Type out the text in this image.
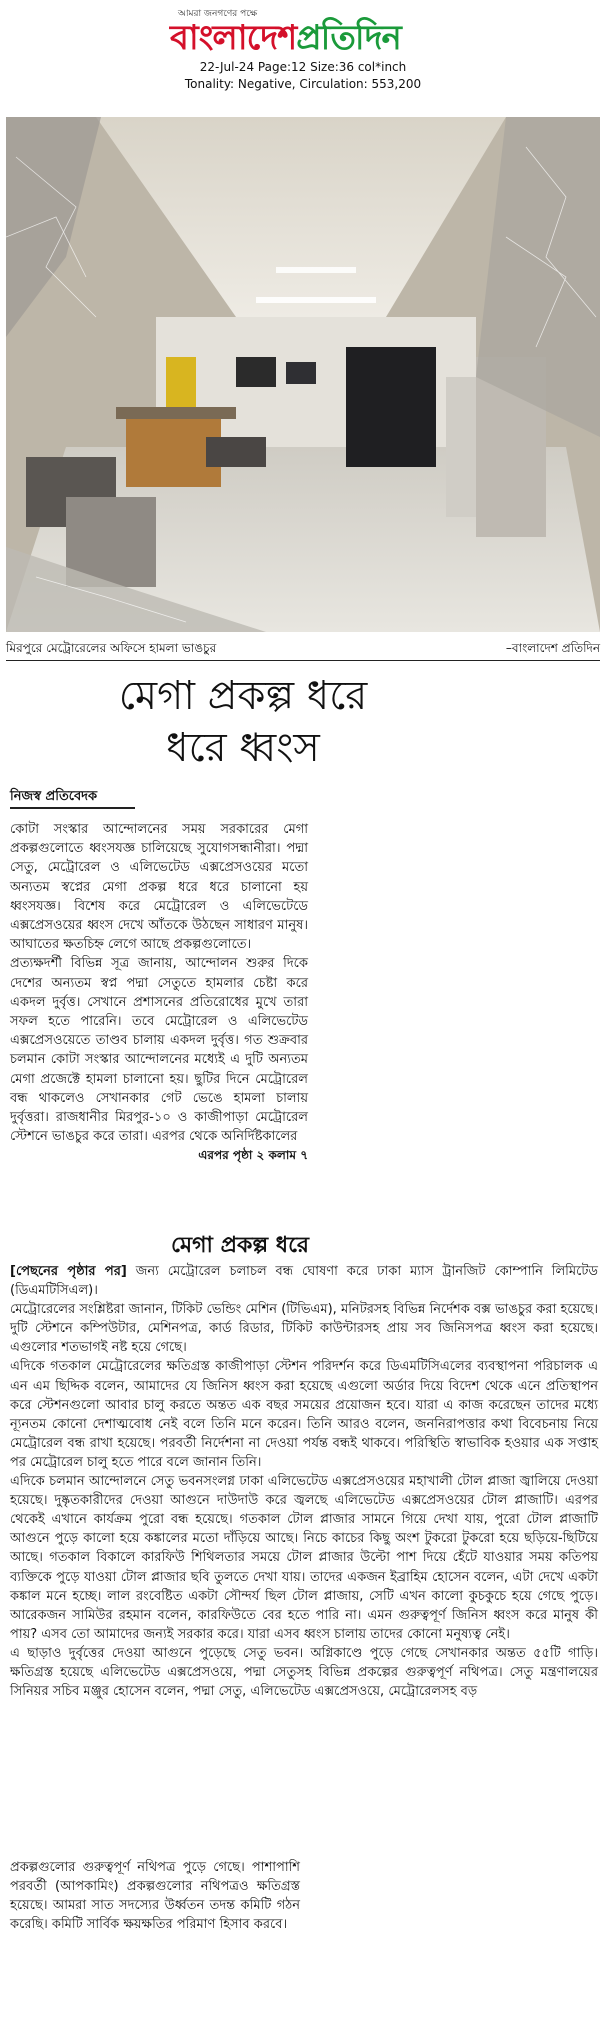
আমরা জনগণের পক্ষে
বাংলাদেশপ্রতিদিন
22-Jul-24 Page:12 Size:36 col*inch
Tonality: Negative, Circulation: 553,200
মিরপুরে মেট্রোরেলের অফিসে হামলা ভাঙচুর	–বাংলাদেশ প্রতিদিন
মেগা প্রকল্প ধরে
ধরে ধ্বংস
নিজস্ব প্রতিবেদক

কোটা সংস্কার আন্দোলনের সময় সরকারের মেগা প্রকল্পগুলোতে ধ্বংসযজ্ঞ চালিয়েছে সুযোগসন্ধানীরা। পদ্মা সেতু, মেট্রোরেল ও এলিভেটেড এক্সপ্রেসওয়ের মতো অন্যতম স্বপ্নের মেগা প্রকল্প ধরে ধরে চালানো হয় ধ্বংসযজ্ঞ। বিশেষ করে মেট্রোরেল ও এলিভেটেডে এক্সপ্রেসওয়ের ধ্বংস দেখে আঁতকে উঠছেন সাধারণ মানুষ। আঘাতের ক্ষতচিহ্ন লেগে আছে প্রকল্পগুলোতে।

প্রত্যক্ষদর্শী বিভিন্ন সূত্র জানায়, আন্দোলন শুরুর দিকে দেশের অন্যতম স্বপ্ন পদ্মা সেতুতে হামলার চেষ্টা করে একদল দুর্বৃত্ত। সেখানে প্রশাসনের প্রতিরোধের মুখে তারা সফল হতে পারেনি। তবে মেট্রোরেল ও এলিভেটেড এক্সপ্রেসওয়েতে তাণ্ডব চালায় একদল দুর্বৃত্ত। গত শুক্রবার চলমান কোটা সংস্কার আন্দোলনের মধ্যেই এ দুটি অন্যতম মেগা প্রজেক্টে হামলা চালানো হয়। ছুটির দিনে মেট্রোরেল বন্ধ থাকলেও সেখানকার গেট ভেঙে হামলা চালায় দুর্বৃত্তরা। রাজধানীর মিরপুর-১০ ও কাজীপাড়া মেট্রোরেল স্টেশনে ভাঙচুর করে তারা। এরপর থেকে অনির্দিষ্টকালের

এরপর পৃষ্ঠা ২ কলাম ৭

মেগা প্রকল্প ধরে

[পেছনের পৃষ্ঠার পর] জন্য মেট্রোরেল চলাচল বন্ধ ঘোষণা করে ঢাকা ম্যাস ট্রানজিট কোম্পানি লিমিটেড (ডিএমটিসিএল)।

মেট্রোরেলের সংশ্লিষ্টরা জানান, টিকিট ভেন্ডিং মেশিন (টিভিএম), মনিটরসহ বিভিন্ন নির্দেশক বক্স ভাঙচুর করা হয়েছে। দুটি স্টেশনে কম্পিউটার, মেশিনপত্র, কার্ড রিডার, টিকিট কাউন্টারসহ প্রায় সব জিনিসপত্র ধ্বংস করা হয়েছে। এগুলোর শতভাগই নষ্ট হয়ে গেছে।

এদিকে গতকাল মেট্রোরেলের ক্ষতিগ্রস্ত কাজীপাড়া স্টেশন পরিদর্শন করে ডিএমটিসিএলের ব্যবস্থাপনা পরিচালক এ এন এম ছিদ্দিক বলেন, আমাদের যে জিনিস ধ্বংস করা হয়েছে এগুলো অর্ডার দিয়ে বিদেশ থেকে এনে প্রতিস্থাপন করে স্টেশনগুলো আবার চালু করতে অন্তত এক বছর সময়ের প্রয়োজন হবে। যারা এ কাজ করেছেন তাদের মধ্যে ন্যূনতম কোনো দেশাত্মবোধ নেই বলে তিনি মনে করেন। তিনি আরও বলেন, জননিরাপত্তার কথা বিবেচনায় নিয়ে মেট্রোরেল বন্ধ রাখা হয়েছে। পরবর্তী নির্দেশনা না দেওয়া পর্যন্ত বন্ধই থাকবে। পরিস্থিতি স্বাভাবিক হওয়ার এক সপ্তাহ পর মেট্রোরেল চালু হতে পারে বলে জানান তিনি।

এদিকে চলমান আন্দোলনে সেতু ভবনসংলগ্ন ঢাকা এলিভেটেড এক্সপ্রেসওয়ের মহাখালী টোল প্লাজা জ্বালিয়ে দেওয়া হয়েছে। দুষ্কৃতকারীদের দেওয়া আগুনে দাউদাউ করে জ্বলছে এলিভেটেড এক্সপ্রেসওয়ের টোল প্লাজাটি। এরপর থেকেই এখানে কার্যক্রম পুরো বন্ধ হয়েছে। গতকাল টোল প্লাজার সামনে গিয়ে দেখা যায়, পুরো টোল প্লাজাটি আগুনে পুড়ে কালো হয়ে কঙ্কালের মতো দাঁড়িয়ে আছে। নিচে কাচের কিছু অংশ টুকরো টুকরো হয়ে ছড়িয়ে-ছিটিয়ে আছে। গতকাল বিকালে কারফিউ শিথিলতার সময়ে টোল প্লাজার উল্টো পাশ দিয়ে হেঁটে যাওয়ার সময় কতিপয় ব্যক্তিকে পুড়ে যাওয়া টোল প্লাজার ছবি তুলতে দেখা যায়। তাদের একজন ইব্রাহিম হোসেন বলেন, এটা দেখে একটা কঙ্কাল মনে হচ্ছে। লাল রংবেষ্টিত একটা সৌন্দর্য ছিল টোল প্লাজায়, সেটি এখন কালো কুচকুচে হয়ে গেছে পুড়ে। আরেকজন সামিউর রহমান বলেন, কারফিউতে বের হতে পারি না। এমন গুরুত্বপূর্ণ জিনিস ধ্বংস করে মানুষ কী পায়? এসব তো আমাদের জন্যই সরকার করে। যারা এসব ধ্বংস চালায় তাদের কোনো মনুষ্যত্ব নেই।

এ ছাড়াও দুর্বৃত্তের দেওয়া আগুনে পুড়েছে সেতু ভবন। অগ্নিকাণ্ডে পুড়ে গেছে সেখানকার অন্তত ৫৫টি গাড়ি। ক্ষতিগ্রস্ত হয়েছে এলিভেটেড এক্সপ্রেসওয়ে, পদ্মা সেতুসহ বিভিন্ন প্রকল্পের গুরুত্বপূর্ণ নথিপত্র। সেতু মন্ত্রণালয়ের সিনিয়র সচিব মঞ্জুর হোসেন বলেন, পদ্মা সেতু, এলিভেটেড এক্সপ্রেসওয়ে, মেট্রোরেলসহ বড়

প্রকল্পগুলোর গুরুত্বপূর্ণ নথিপত্র পুড়ে গেছে। পাশাপাশি পরবর্তী (আপকামিং) প্রকল্পগুলোর নথিপত্রও ক্ষতিগ্রস্ত হয়েছে। আমরা সাত সদস্যের উর্ধ্বতন তদন্ত কমিটি গঠন করেছি। কমিটি সার্বিক ক্ষয়ক্ষতির পরিমাণ হিসাব করবে।
